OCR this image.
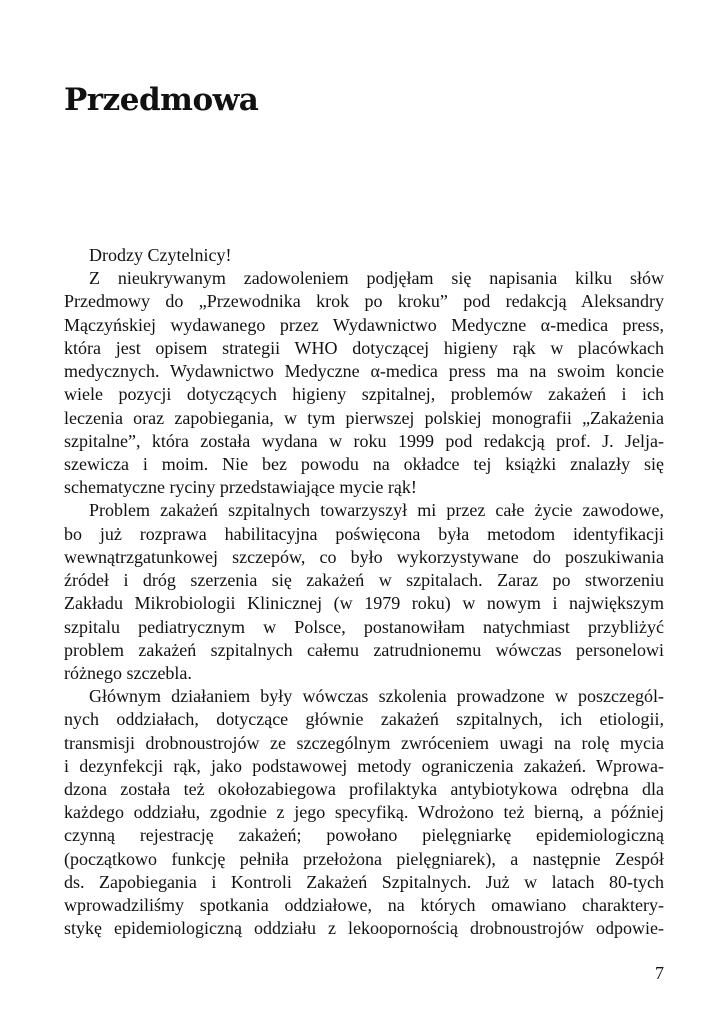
Przedmowa
Drodzy Czytelnicy!
Z nieukrywanym zadowoleniem podjęłam się napisania kilku słów
Przedmowy do „Przewodnika krok po kroku” pod redakcją Aleksandry
Mączyńskiej wydawanego przez Wydawnictwo Medyczne α-medica press,
która jest opisem strategii WHO dotyczącej higieny rąk w placówkach
medycznych. Wydawnictwo Medyczne α-medica press ma na swoim koncie
wiele pozycji dotyczących higieny szpitalnej, problemów zakażeń i ich
leczenia oraz zapobiegania, w tym pierwszej polskiej monografii „Zakażenia
szpitalne”, która została wydana w roku 1999 pod redakcją prof. J. Jelja-
szewicza i moim. Nie bez powodu na okładce tej książki znalazły się
schematyczne ryciny przedstawiające mycie rąk!
Problem zakażeń szpitalnych towarzyszył mi przez całe życie zawodowe,
bo już rozprawa habilitacyjna poświęcona była metodom identyfikacji
wewnątrzgatunkowej szczepów, co było wykorzystywane do poszukiwania
źródeł i dróg szerzenia się zakażeń w szpitalach. Zaraz po stworzeniu
Zakładu Mikrobiologii Klinicznej (w 1979 roku) w nowym i największym
szpitalu pediatrycznym w Polsce, postanowiłam natychmiast przybliżyć
problem zakażeń szpitalnych całemu zatrudnionemu wówczas personelowi
różnego szczebla.
Głównym działaniem były wówczas szkolenia prowadzone w poszczegól-
nych oddziałach, dotyczące głównie zakażeń szpitalnych, ich etiologii,
transmisji drobnoustrojów ze szczególnym zwróceniem uwagi na rolę mycia
i dezynfekcji rąk, jako podstawowej metody ograniczenia zakażeń. Wprowa-
dzona została też okołozabiegowa profilaktyka antybiotykowa odrębna dla
każdego oddziału, zgodnie z jego specyfiką. Wdrożono też bierną, a później
czynną rejestrację zakażeń; powołano pielęgniarkę epidemiologiczną
(początkowo funkcję pełniła przełożona pielęgniarek), a następnie Zespół
ds. Zapobiegania i Kontroli Zakażeń Szpitalnych. Już w latach 80-tych
wprowadziliśmy spotkania oddziałowe, na których omawiano charaktery-
stykę epidemiologiczną oddziału z lekoopornością drobnoustrojów odpowie-
7
